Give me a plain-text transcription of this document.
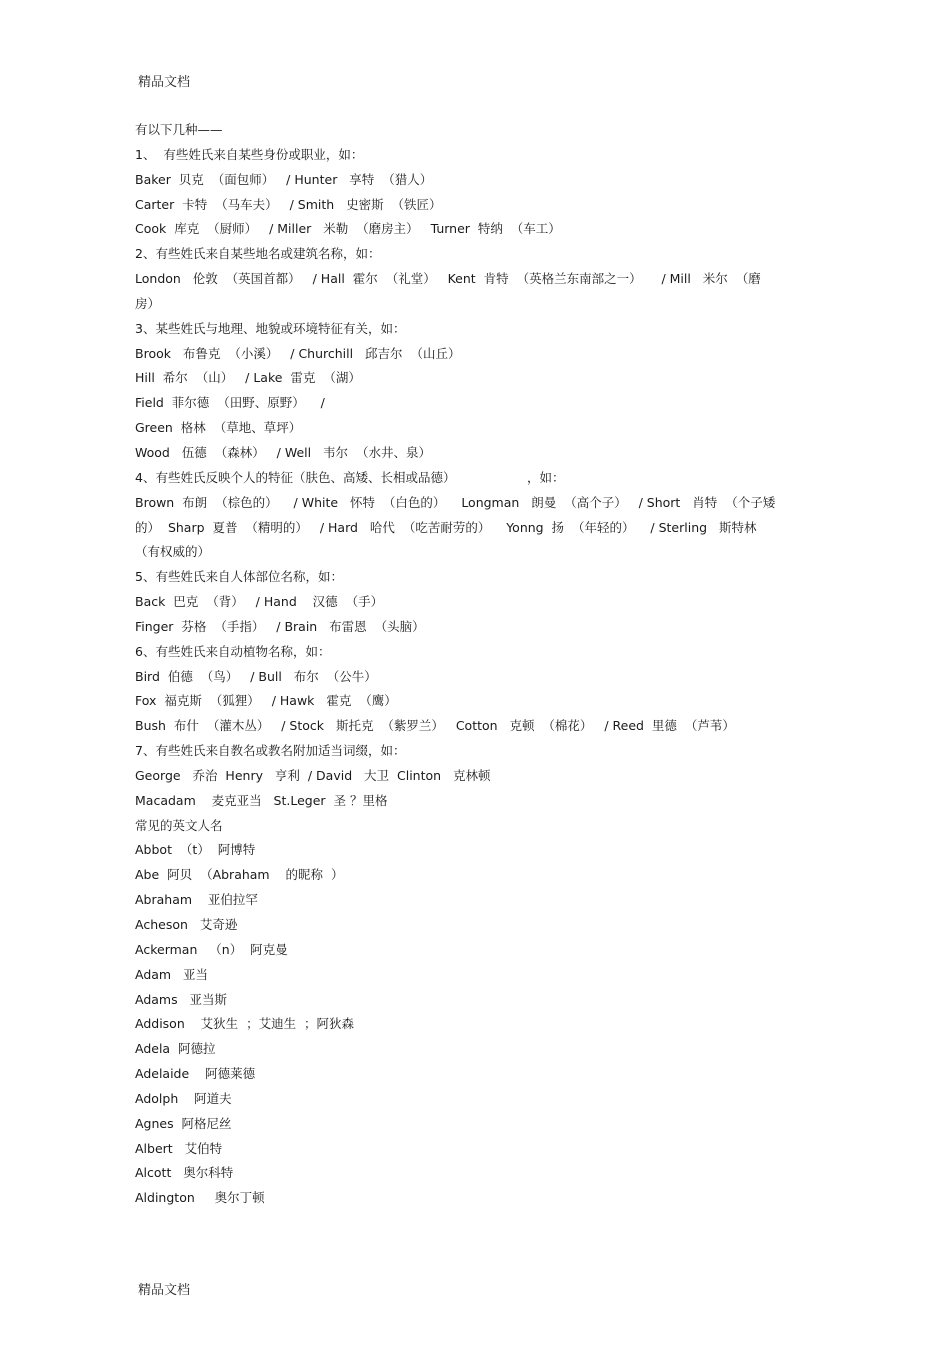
精品文档
有以下几种——
1、  有些姓氏来自某些身份或职业，如：
Baker  贝克  （面包师）   / Hunter   享特  （猎人）
Carter  卡特  （马车夫）   / Smith   史密斯  （铁匠）
Cook  库克  （厨师）   / Miller   米勒  （磨房主）   Turner  特纳  （车工）
2、有些姓氏来自某些地名或建筑名称，如：
London   伦敦  （英国首都）   / Hall  霍尔  （礼堂）   Kent  肯特  （英格兰东南部之一）     / Mill   米尔  （磨
房）
3、某些姓氏与地理、地貌或环境特征有关，如：
Brook   布鲁克  （小溪）   / Churchill   邱吉尔  （山丘）
Hill  希尔  （山）   / Lake  雷克  （湖）
Field  菲尔德  （田野、原野）    /
Green  格林  （草地、草坪）
Wood   伍德  （森林）   / Well   韦尔  （水井、泉）
4、有些姓氏反映个人的特征（肤色、高矮、长相或品德）                  ，如：
Brown  布朗  （棕色的）    / White   怀特  （白色的）    Longman   朗曼  （高个子）   / Short   肖特  （个子矮
的）  Sharp  夏普  （精明的）   / Hard   哈代  （吃苦耐劳的）    Yonng  扬  （年轻的）    / Sterling   斯特林
（有权威的）
5、有些姓氏来自人体部位名称，如：
Back  巴克  （背）   / Hand    汉德  （手）
Finger  芬格  （手指）   / Brain   布雷恩  （头脑）
6、有些姓氏来自动植物名称，如：
Bird  伯德  （鸟）   / Bull   布尔  （公牛）
Fox  福克斯  （狐狸）   / Hawk   霍克  （鹰）
Bush  布什  （灌木丛）   / Stock   斯托克  （紫罗兰）   Cotton   克顿  （棉花）   / Reed  里德  （芦苇）
7、有些姓氏来自教名或教名附加适当词缀，如：
George   乔治  Henry   亨利  / David   大卫  Clinton   克林顿
Macadam    麦克亚当   St.Leger  圣 ？里格
常见的英文人名
Abbot  （t）  阿博特
Abe  阿贝  （Abraham    的昵称  ）
Abraham    亚伯拉罕
Acheson   艾奇逊
Ackerman   （n）  阿克曼
Adam   亚当
Adams   亚当斯
Addison    艾狄生  ；艾迪生  ；阿狄森
Adela  阿德拉
Adelaide    阿德莱德
Adolph    阿道夫
Agnes  阿格尼丝
Albert   艾伯特
Alcott   奥尔科特
Aldington     奥尔丁顿
精品文档
